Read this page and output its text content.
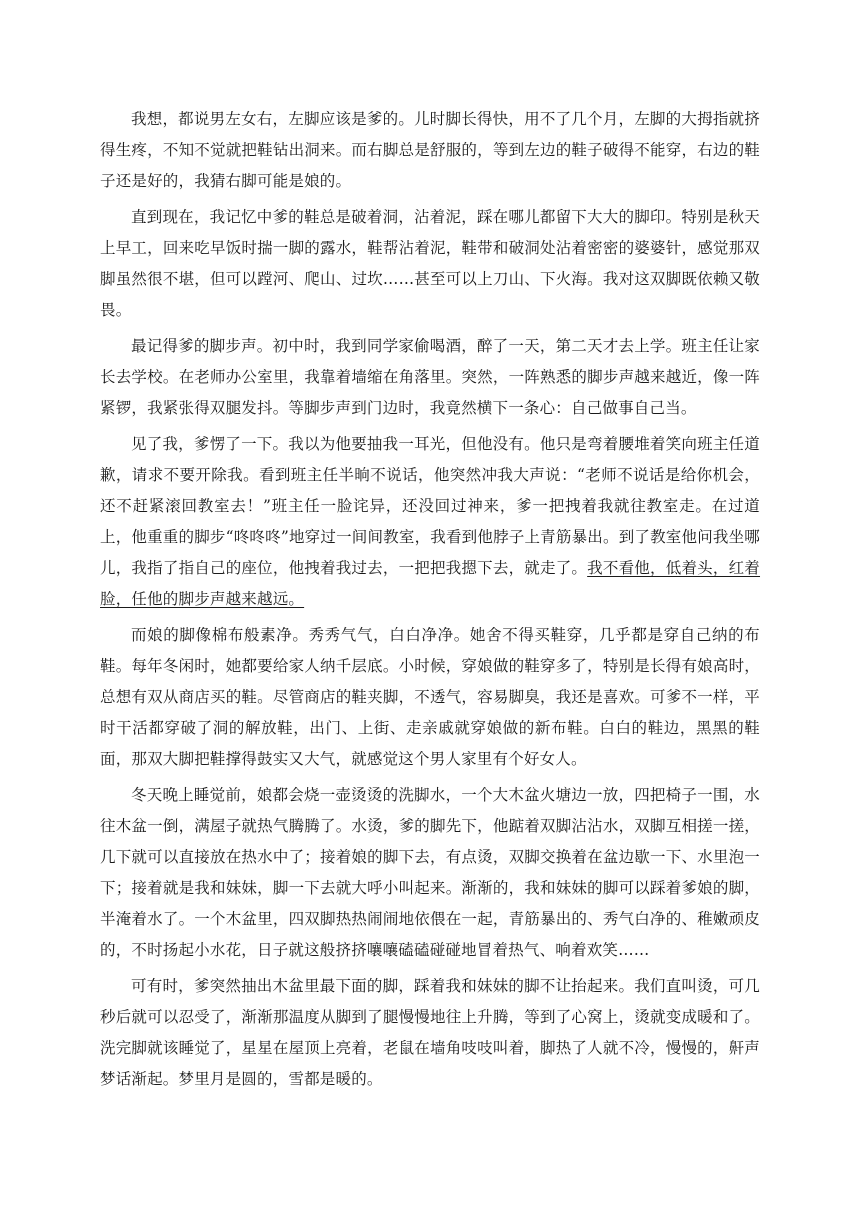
我想，都说男左女右，左脚应该是爹的。儿时脚长得快，用不了几个月，左脚的大拇指就挤得生疼，不知不觉就把鞋钻出洞来。而右脚总是舒服的，等到左边的鞋子破得不能穿，右边的鞋子还是好的，我猜右脚可能是娘的。

直到现在，我记忆中爹的鞋总是破着洞，沾着泥，踩在哪儿都留下大大的脚印。特别是秋天上早工，回来吃早饭时揣一脚的露水，鞋帮沾着泥，鞋带和破洞处沾着密密的婆婆针，感觉那双脚虽然很不堪，但可以蹚河、爬山、过坎……甚至可以上刀山、下火海。我对这双脚既依赖又敬畏。

最记得爹的脚步声。初中时，我到同学家偷喝酒，醉了一天，第二天才去上学。班主任让家长去学校。在老师办公室里，我靠着墙缩在角落里。突然，一阵熟悉的脚步声越来越近，像一阵紧锣，我紧张得双腿发抖。等脚步声到门边时，我竟然横下一条心：自己做事自己当。

见了我，爹愣了一下。我以为他要抽我一耳光，但他没有。他只是弯着腰堆着笑向班主任道歉，请求不要开除我。看到班主任半晌不说话，他突然冲我大声说：“老师不说话是给你机会，还不赶紧滚回教室去！”班主任一脸诧异，还没回过神来，爹一把拽着我就往教室走。在过道上，他重重的脚步“咚咚咚”地穿过一间间教室，我看到他脖子上青筋暴出。到了教室他问我坐哪儿，我指了指自己的座位，他拽着我过去，一把把我摁下去，就走了。我不看他，低着头，红着脸，任他的脚步声越来越远。

而娘的脚像棉布般素净。秀秀气气，白白净净。她舍不得买鞋穿，几乎都是穿自己纳的布鞋。每年冬闲时，她都要给家人纳千层底。小时候，穿娘做的鞋穿多了，特别是长得有娘高时，总想有双从商店买的鞋。尽管商店的鞋夹脚，不透气，容易脚臭，我还是喜欢。可爹不一样，平时干活都穿破了洞的解放鞋，出门、上街、走亲戚就穿娘做的新布鞋。白白的鞋边，黑黑的鞋面，那双大脚把鞋撑得鼓实又大气，就感觉这个男人家里有个好女人。

冬天晚上睡觉前，娘都会烧一壶烫烫的洗脚水，一个大木盆火塘边一放，四把椅子一围，水往木盆一倒，满屋子就热气腾腾了。水烫，爹的脚先下，他踮着双脚沾沾水，双脚互相搓一搓，几下就可以直接放在热水中了；接着娘的脚下去，有点烫，双脚交换着在盆边歇一下、水里泡一下；接着就是我和妹妹，脚一下去就大呼小叫起来。渐渐的，我和妹妹的脚可以踩着爹娘的脚，半淹着水了。一个木盆里，四双脚热热闹闹地依偎在一起，青筋暴出的、秀气白净的、稚嫩顽皮的，不时扬起小水花，日子就这般挤挤嚷嚷磕磕碰碰地冒着热气、响着欢笑……

可有时，爹突然抽出木盆里最下面的脚，踩着我和妹妹的脚不让抬起来。我们直叫烫，可几秒后就可以忍受了，渐渐那温度从脚到了腿慢慢地往上升腾，等到了心窝上，烫就变成暖和了。洗完脚就该睡觉了，星星在屋顶上亮着，老鼠在墙角吱吱叫着，脚热了人就不冷，慢慢的，鼾声梦话渐起。梦里月是圆的，雪都是暖的。
